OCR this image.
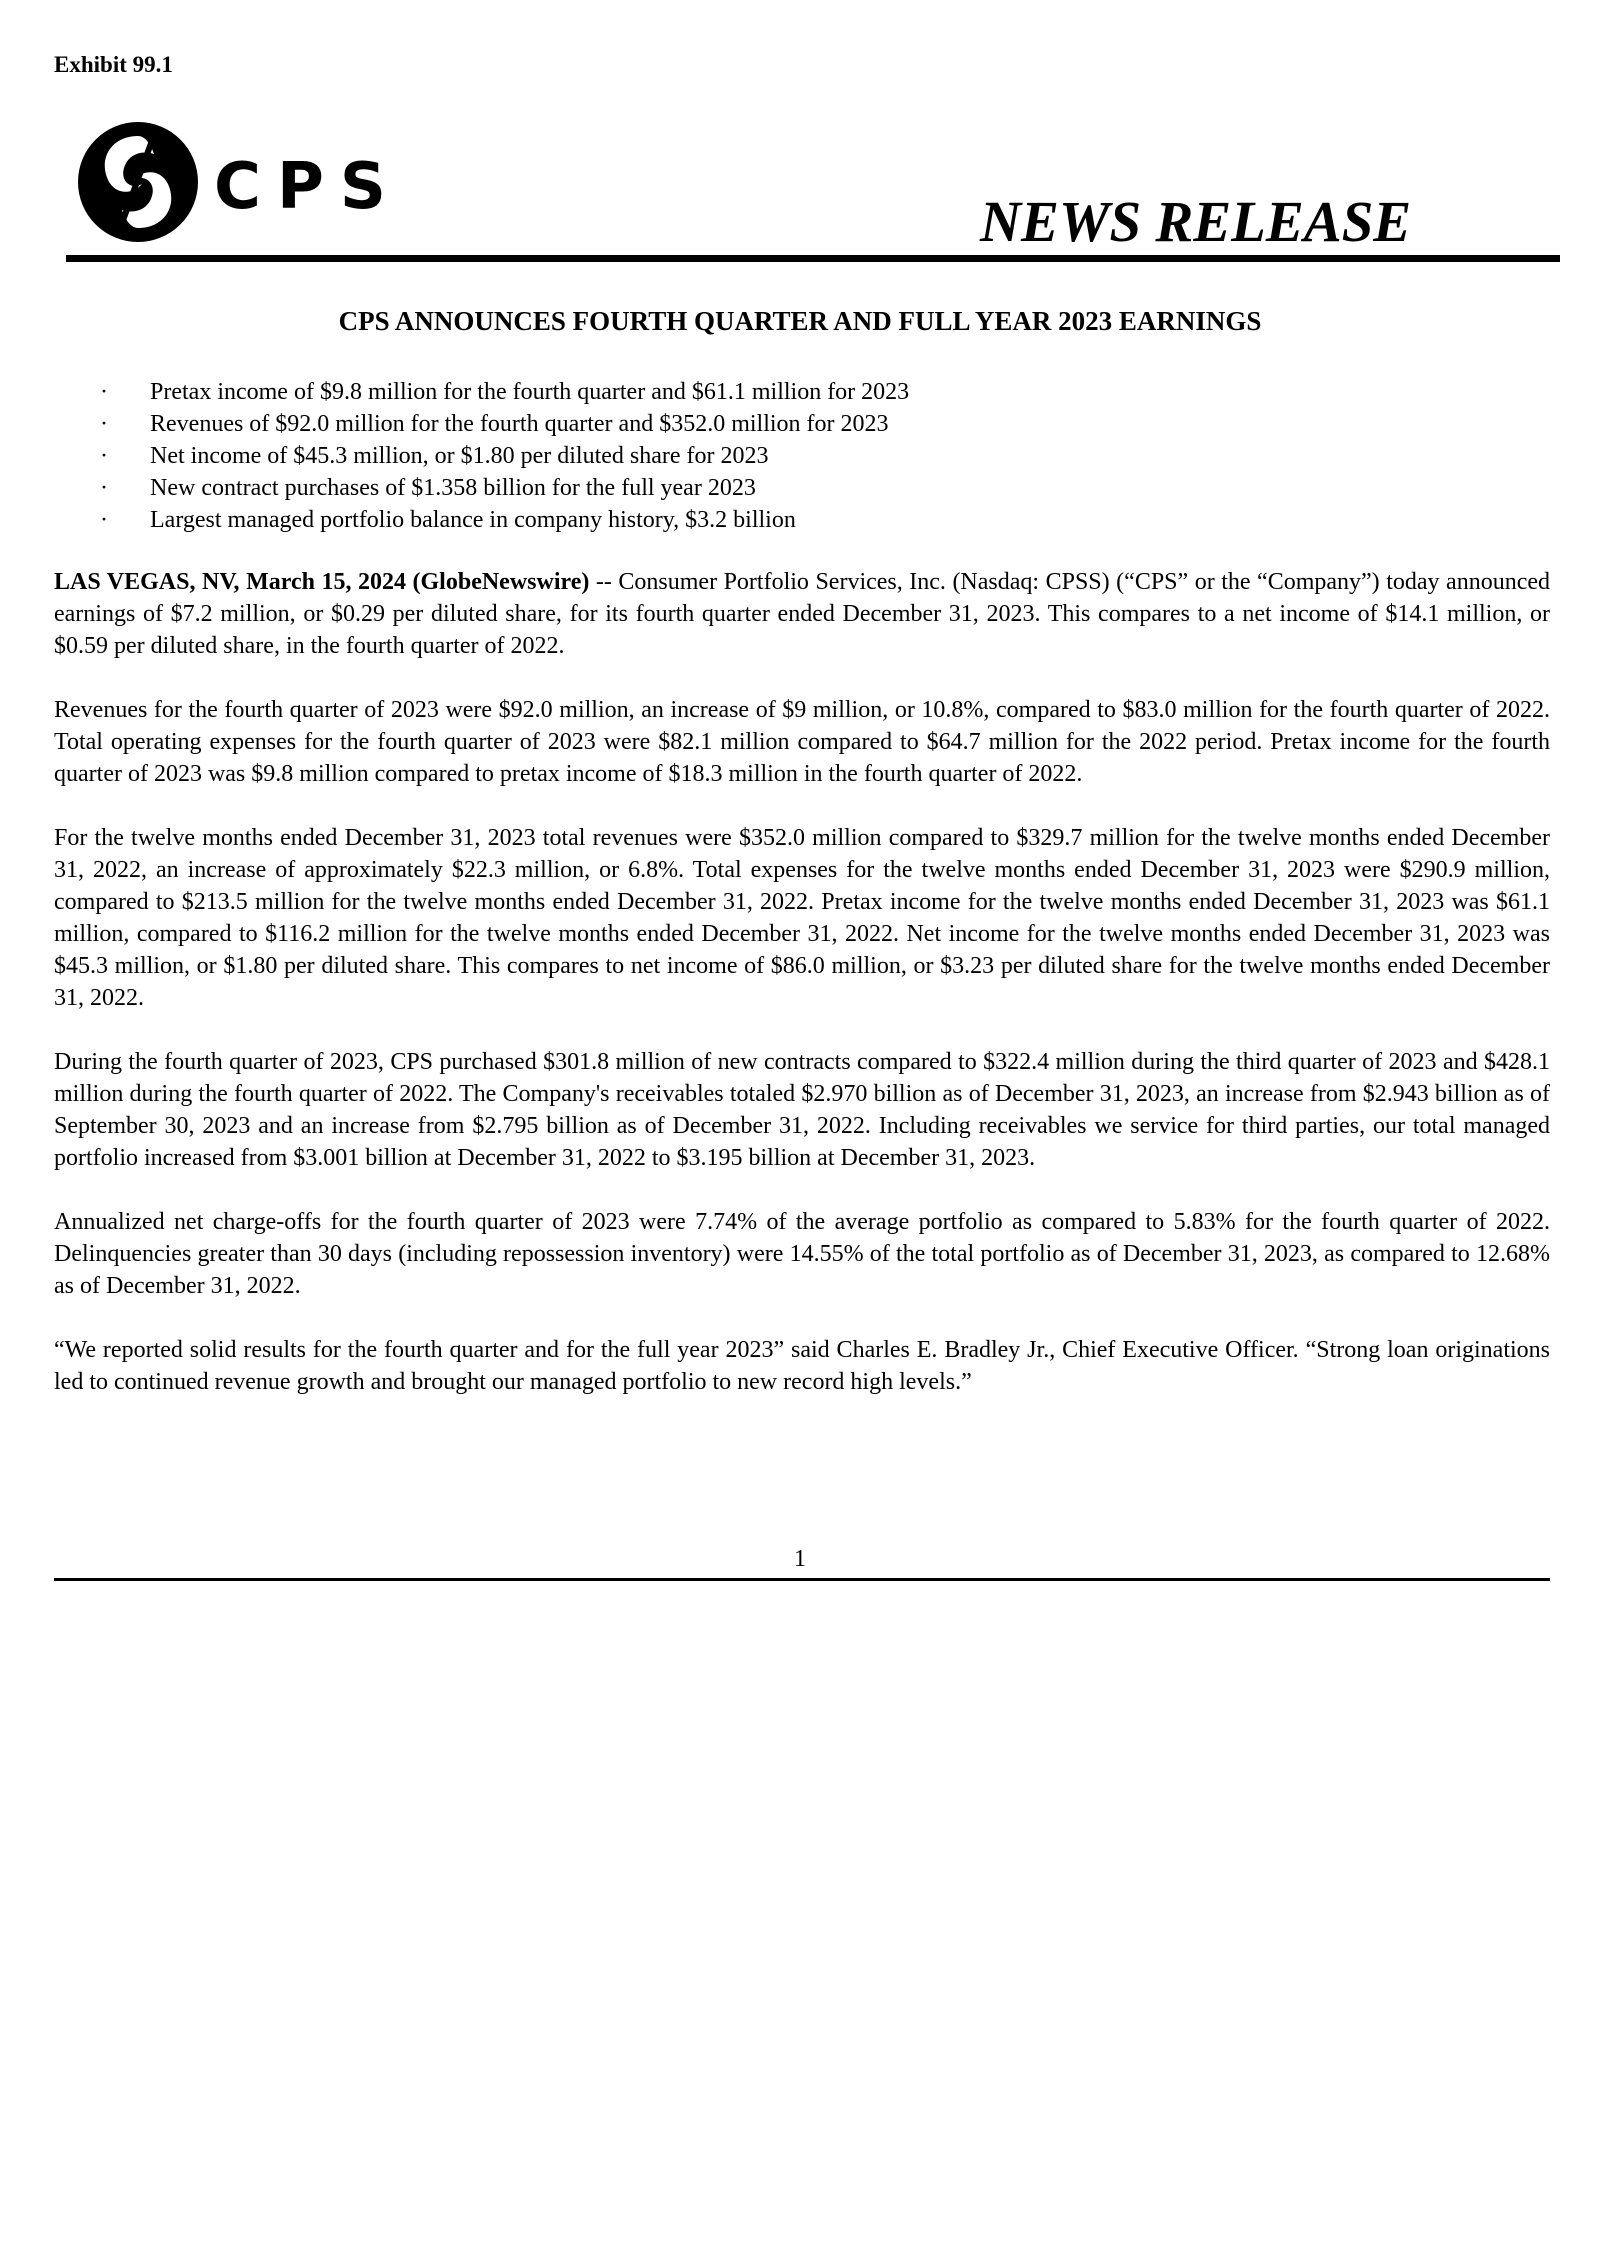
Exhibit 99.1
CPS	NEWS RELEASE
CPS ANNOUNCES FOURTH QUARTER AND FULL YEAR 2023 EARNINGS
· Pretax income of $9.8 million for the fourth quarter and $61.1 million for 2023
· Revenues of $92.0 million for the fourth quarter and $352.0 million for 2023
· Net income of $45.3 million, or $1.80 per diluted share for 2023
· New contract purchases of $1.358 billion for the full year 2023
· Largest managed portfolio balance in company history, $3.2 billion

LAS VEGAS, NV, March 15, 2024 (GlobeNewswire) -- Consumer Portfolio Services, Inc. (Nasdaq: CPSS) (“CPS” or the “Company”) today announced earnings of $7.2 million, or $0.29 per diluted share, for its fourth quarter ended December 31, 2023. This compares to a net income of $14.1 million, or $0.59 per diluted share, in the fourth quarter of 2022.

Revenues for the fourth quarter of 2023 were $92.0 million, an increase of $9 million, or 10.8%, compared to $83.0 million for the fourth quarter of 2022. Total operating expenses for the fourth quarter of 2023 were $82.1 million compared to $64.7 million for the 2022 period. Pretax income for the fourth quarter of 2023 was $9.8 million compared to pretax income of $18.3 million in the fourth quarter of 2022.

For the twelve months ended December 31, 2023 total revenues were $352.0 million compared to $329.7 million for the twelve months ended December 31, 2022, an increase of approximately $22.3 million, or 6.8%. Total expenses for the twelve months ended December 31, 2023 were $290.9 million, compared to $213.5 million for the twelve months ended December 31, 2022. Pretax income for the twelve months ended December 31, 2023 was $61.1 million, compared to $116.2 million for the twelve months ended December 31, 2022. Net income for the twelve months ended December 31, 2023 was $45.3 million, or $1.80 per diluted share. This compares to net income of $86.0 million, or $3.23 per diluted share for the twelve months ended December 31, 2022.

During the fourth quarter of 2023, CPS purchased $301.8 million of new contracts compared to $322.4 million during the third quarter of 2023 and $428.1 million during the fourth quarter of 2022. The Company's receivables totaled $2.970 billion as of December 31, 2023, an increase from $2.943 billion as of September 30, 2023 and an increase from $2.795 billion as of December 31, 2022. Including receivables we service for third parties, our total managed portfolio increased from $3.001 billion at December 31, 2022 to $3.195 billion at December 31, 2023.

Annualized net charge-offs for the fourth quarter of 2023 were 7.74% of the average portfolio as compared to 5.83% for the fourth quarter of 2022. Delinquencies greater than 30 days (including repossession inventory) were 14.55% of the total portfolio as of December 31, 2023, as compared to 12.68% as of December 31, 2022.

“We reported solid results for the fourth quarter and for the full year 2023” said Charles E. Bradley Jr., Chief Executive Officer. “Strong loan originations led to continued revenue growth and brought our managed portfolio to new record high levels.”

1
